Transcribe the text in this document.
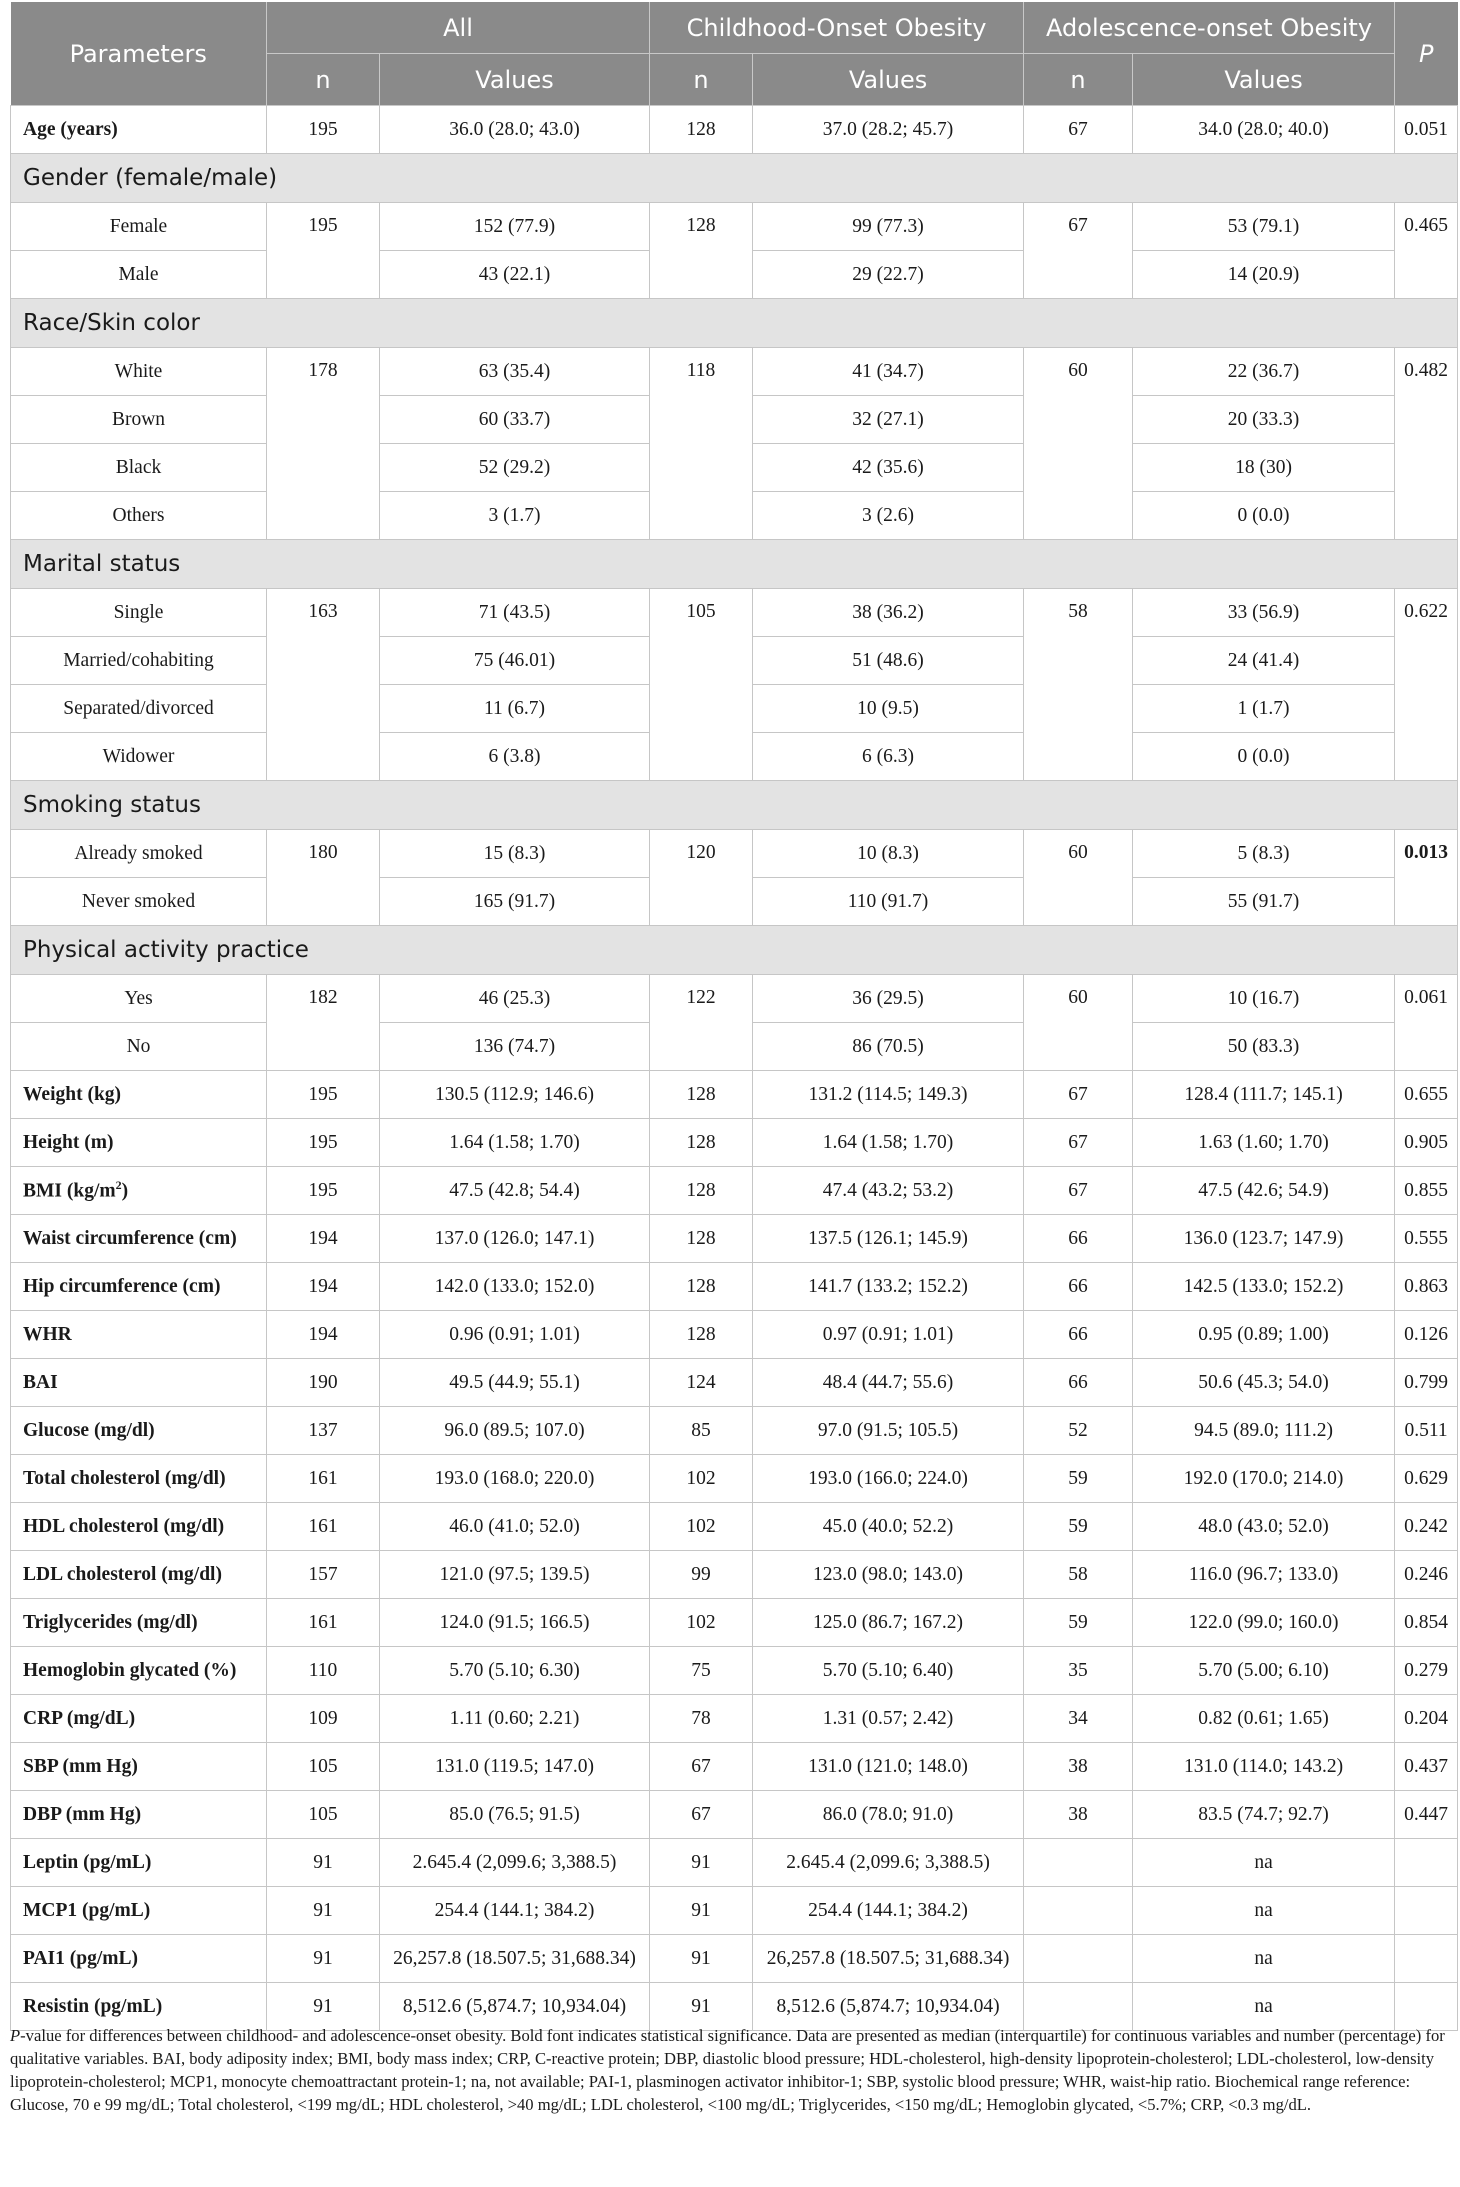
Parameters	All		Childhood-Onset Obesity		Adolescence-onset Obesity		P
	n	Values	n	Values	n	Values	
Age (years)	195	36.0 (28.0; 43.0)	128	37.0 (28.2; 45.7)	67	34.0 (28.0; 40.0)	0.051
Gender (female/male)							
Female	195	152 (77.9)	128	99 (77.3)	67	53 (79.1)	0.465
Male		43 (22.1)		29 (22.7)		14 (20.9)	
Race/Skin color							
White	178	63 (35.4)	118	41 (34.7)	60	22 (36.7)	0.482
Brown		60 (33.7)		32 (27.1)		20 (33.3)	
Black		52 (29.2)		42 (35.6)		18 (30)	
Others		3 (1.7)		3 (2.6)		0 (0.0)	
Marital status							
Single	163	71 (43.5)	105	38 (36.2)	58	33 (56.9)	0.622
Married/cohabiting		75 (46.01)		51 (48.6)		24 (41.4)	
Separated/divorced		11 (6.7)		10 (9.5)		1 (1.7)	
Widower		6 (3.8)		6 (6.3)		0 (0.0)	
Smoking status							
Already smoked	180	15 (8.3)	120	10 (8.3)	60	5 (8.3)	0.013
Never smoked		165 (91.7)		110 (91.7)		55 (91.7)	
Physical activity practice							
Yes	182	46 (25.3)	122	36 (29.5)	60	10 (16.7)	0.061
No		136 (74.7)		86 (70.5)		50 (83.3)	
Weight (kg)	195	130.5 (112.9; 146.6)	128	131.2 (114.5; 149.3)	67	128.4 (111.7; 145.1)	0.655
Height (m)	195	1.64 (1.58; 1.70)	128	1.64 (1.58; 1.70)	67	1.63 (1.60; 1.70)	0.905
BMI $(kg/m^2)$	195	47.5 (42.8; 54.4)	128	47.4 (43.2; 53.2)	67	47.5 (42.6; 54.9)	0.855
Waist circumference (cm)	194	137.0 (126.0; 147.1)	128	137.5 (126.1; 145.9)	66	136.0 (123.7; 147.9)	0.555
Hip circumference (cm)	194	142.0 (133.0; 152.0)	128	141.7 (133.2; 152.2)	66	142.5 (133.0; 152.2)	0.863
WHR	194	0.96 (0.91; 1.01)	128	0.97 (0.91; 1.01)	66	0.95 (0.89; 1.00)	0.126
BAI	190	49.5 (44.9; 55.1)	124	48.4 (44.7; 55.6)	66	50.6 (45.3; 54.0)	0.799
Glucose (mg/dl)	137	96.0 (89.5; 107.0)	85	97.0 (91.5; 105.5)	52	94.5 (89.0; 111.2)	0.511
Total cholesterol (mg/dl)	161	193.0 (168.0; 220.0)	102	193.0 (166.0; 224.0)	59	192.0 (170.0; 214.0)	0.629
HDL cholesterol (mg/dl)	161	46.0 (41.0; 52.0)	102	45.0 (40.0; 52.2)	59	48.0 (43.0; 52.0)	0.242
LDL cholesterol (mg/dl)	157	121.0 (97.5; 139.5)	99	123.0 (98.0; 143.0)	58	116.0 (96.7; 133.0)	0.246
Triglycerides (mg/dl)	161	124.0 (91.5; 166.5)	102	125.0 (86.7; 167.2)	59	122.0 (99.0; 160.0)	0.854
Hemoglobin glycated (%)	110	5.70 (5.10; 6.30)	75	5.70 (5.10; 6.40)	35	5.70 (5.00; 6.10)	0.279
CRP (mg/dL)	109	1.11 (0.60; 2.21)	78	1.31 (0.57; 2.42)	34	0.82 (0.61; 1.65)	0.204
SBP (mm Hg)	105	131.0 (119.5; 147.0)	67	131.0 (121.0; 148.0)	38	131.0 (114.0; 143.2)	0.437
DBP (mm Hg)	105	85.0 (76.5; 91.5)	67	86.0 (78.0; 91.0)	38	83.5 (74.7; 92.7)	0.447
Leptin (pg/mL)	91	2.645.4 (2,099.6; 3,388.5)	91	2.645.4 (2,099.6; 3,388.5)		na	
MCP1 (pg/mL)	91	254.4 (144.1; 384.2)	91	254.4 (144.1; 384.2)		na	
PAI1 (pg/mL)	91	26,257.8 (18.507.5; 31,688.34)	91	26,257.8 (18.507.5; 31,688.34)		na	
Resistin (pg/mL)	91	8,512.6 (5,874.7; 10,934.04)	91	8,512.6 (5,874.7; 10,934.04)		na	
P-value for differences between childhood- and adolescence-onset obesity. Bold font indicates statistical significance. Data are presented as median (interquartile) for continuous variables and number (percentage) for qualitative variables. BAI, body adiposity index; BMI, body mass index; CRP, C-reactive protein; DBP, diastolic blood pressure; HDL-cholesterol, high-density lipoprotein-cholesterol; LDL-cholesterol, low-density lipoprotein-cholesterol; MCP1, monocyte chemoattractant protein-1; na, not available; PAI-1, plasminogen activator inhibitor-1; SBP, systolic blood pressure; WHR, waist-hip ratio. Biochemical range reference: Glucose, 70 e 99 mg/dL; Total cholesterol, <199 mg/dL; HDL cholesterol, >40 mg/dL; LDL cholesterol, <100 mg/dL; Triglycerides, <150 mg/dL; Hemoglobin glycated, <5.7%; CRP, <0.3 mg/dL.
